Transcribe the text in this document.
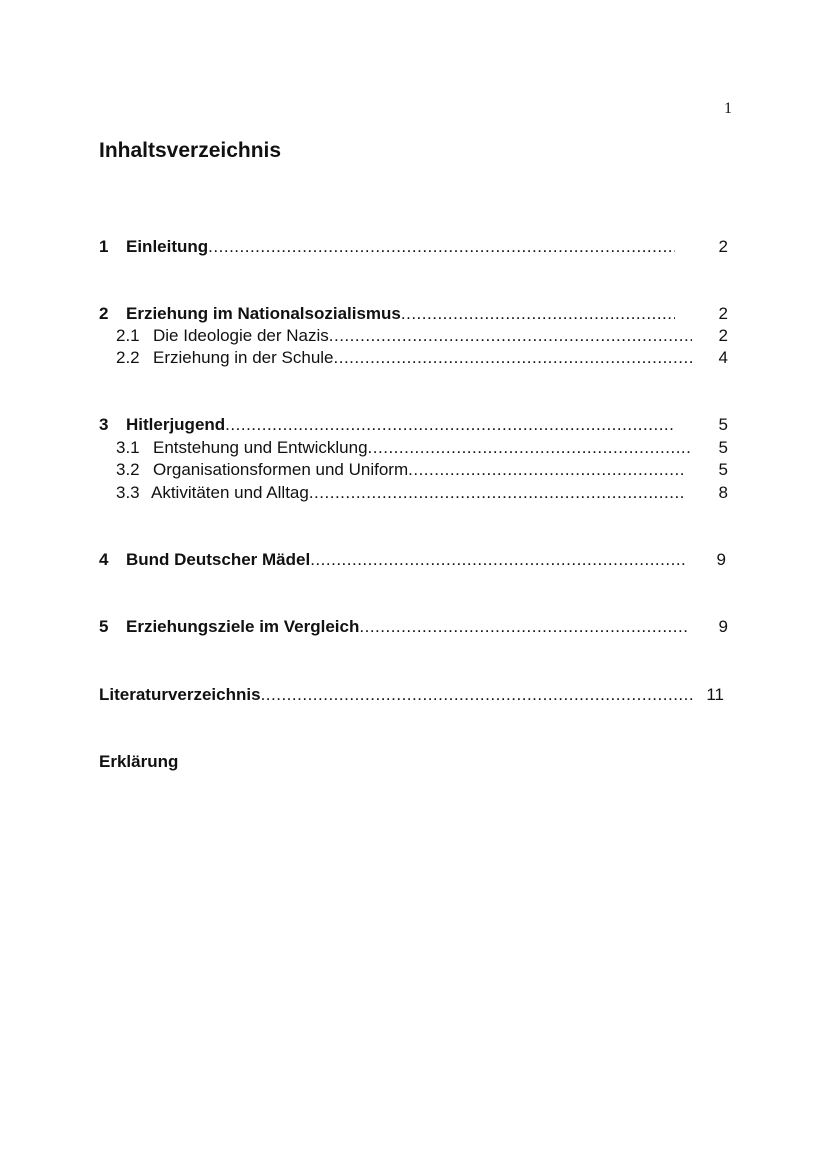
1
Inhaltsverzeichnis
1	Einleitung .....	2
2	Erziehung im Nationalsozialismus .....	2
2.1 Die Ideologie der Nazis .....	2
2.2 Erziehung in der Schule .....	4
3	Hitlerjugend .....	5
3.1 Entstehung und Entwicklung .....	5
3.2 Organisationsformen und Uniform .....	5
3.3 Aktivitäten und Alltag .....	8
4	Bund Deutscher Mädel .....	9
5	Erziehungsziele im Vergleich .....	9
Literaturverzeichnis .....	11
Erklärung
